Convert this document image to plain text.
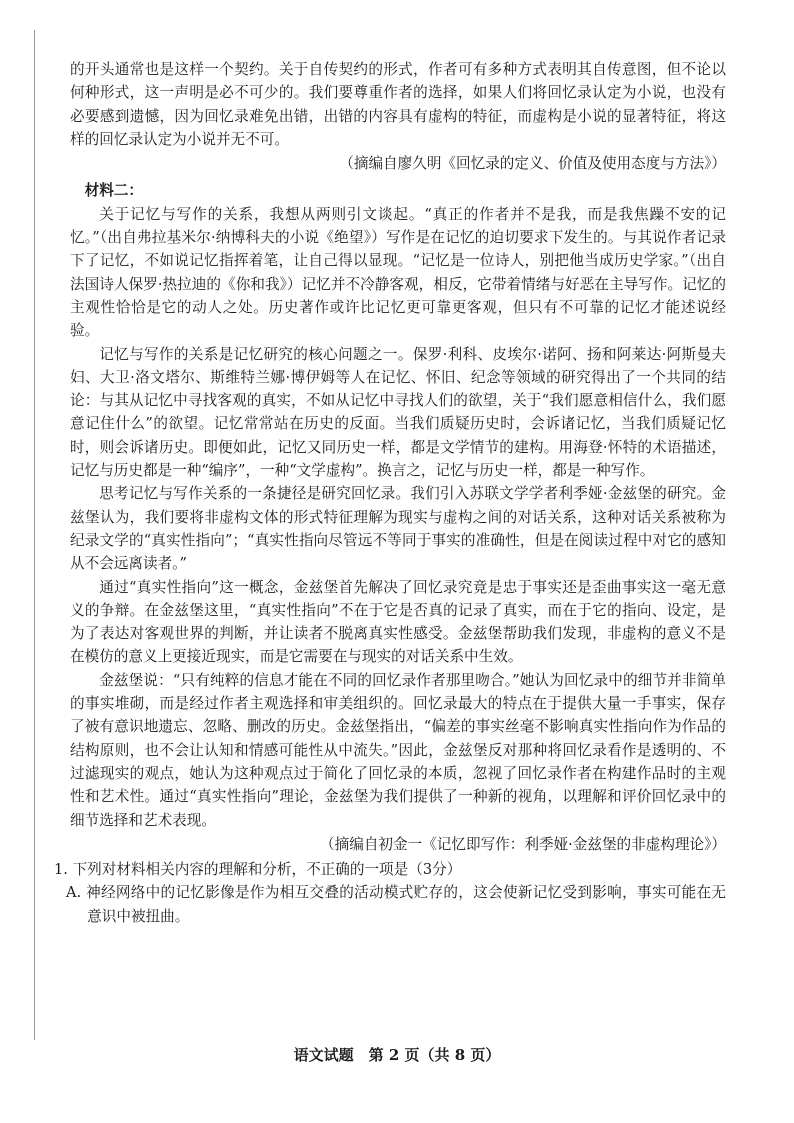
的开头通常也是这样一个契约。关于自传契约的形式，作者可有多种方式表明其自传意图，但不论以何种形式，这一声明是必不可少的。我们要尊重作者的选择，如果人们将回忆录认定为小说，也没有必要感到遗憾，因为回忆录难免出错，出错的内容具有虚构的特征，而虚构是小说的显著特征，将这样的回忆录认定为小说并无不可。

（摘编自廖久明《回忆录的定义、价值及使用态度与方法》）

材料二：

关于记忆与写作的关系，我想从两则引文谈起。“真正的作者并不是我，而是我焦躁不安的记忆。”（出自弗拉基米尔·纳博科夫的小说《绝望》）写作是在记忆的迫切要求下发生的。与其说作者记录下了记忆，不如说记忆指挥着笔，让自己得以显现。“记忆是一位诗人，别把他当成历史学家。”（出自法国诗人保罗·热拉迪的《你和我》）记忆并不冷静客观，相反，它带着情绪与好恶在主导写作。记忆的主观性恰恰是它的动人之处。历史著作或许比记忆更可靠更客观，但只有不可靠的记忆才能述说经验。

记忆与写作的关系是记忆研究的核心问题之一。保罗·利科、皮埃尔·诺阿、扬和阿莱达·阿斯曼夫妇、大卫·洛文塔尔、斯维特兰娜·博伊姆等人在记忆、怀旧、纪念等领域的研究得出了一个共同的结论：与其从记忆中寻找客观的真实，不如从记忆中寻找人们的欲望，关于“我们愿意相信什么，我们愿意记住什么”的欲望。记忆常常站在历史的反面。当我们质疑历史时，会诉诸记忆，当我们质疑记忆时，则会诉诸历史。即便如此，记忆又同历史一样，都是文学情节的建构。用海登·怀特的术语描述，记忆与历史都是一种“编序”，一种“文学虚构”。换言之，记忆与历史一样，都是一种写作。

思考记忆与写作关系的一条捷径是研究回忆录。我们引入苏联文学学者利季娅·金兹堡的研究。金兹堡认为，我们要将非虚构文体的形式特征理解为现实与虚构之间的对话关系，这种对话关系被称为纪录文学的“真实性指向”；“真实性指向尽管远不等同于事实的准确性，但是在阅读过程中对它的感知从不会远离读者。”

通过“真实性指向”这一概念，金兹堡首先解决了回忆录究竟是忠于事实还是歪曲事实这一毫无意义的争辩。在金兹堡这里，“真实性指向”不在于它是否真的记录了真实，而在于它的指向、设定，是为了表达对客观世界的判断，并让读者不脱离真实性感受。金兹堡帮助我们发现，非虚构的意义不是在模仿的意义上更接近现实，而是它需要在与现实的对话关系中生效。

金兹堡说：“只有纯粹的信息才能在不同的回忆录作者那里吻合。”她认为回忆录中的细节并非简单的事实堆砌，而是经过作者主观选择和审美组织的。回忆录最大的特点在于提供大量一手事实，保存了被有意识地遗忘、忽略、删改的历史。金兹堡指出，“偏差的事实丝毫不影响真实性指向作为作品的结构原则，也不会让认知和情感可能性从中流失。”因此，金兹堡反对那种将回忆录看作是透明的、不过滤现实的观点，她认为这种观点过于简化了回忆录的本质，忽视了回忆录作者在构建作品时的主观性和艺术性。通过“真实性指向”理论，金兹堡为我们提供了一种新的视角，以理解和评价回忆录中的细节选择和艺术表现。

（摘编自初金一《记忆即写作：利季娅·金兹堡的非虚构理论》）

1. 下列对材料相关内容的理解和分析，不正确的一项是（3分）

A. 神经网络中的记忆影像是作为相互交叠的活动模式贮存的，这会使新记忆受到影响，事实可能在无意识中被扭曲。

语文试题　第 2 页（共 8 页）
